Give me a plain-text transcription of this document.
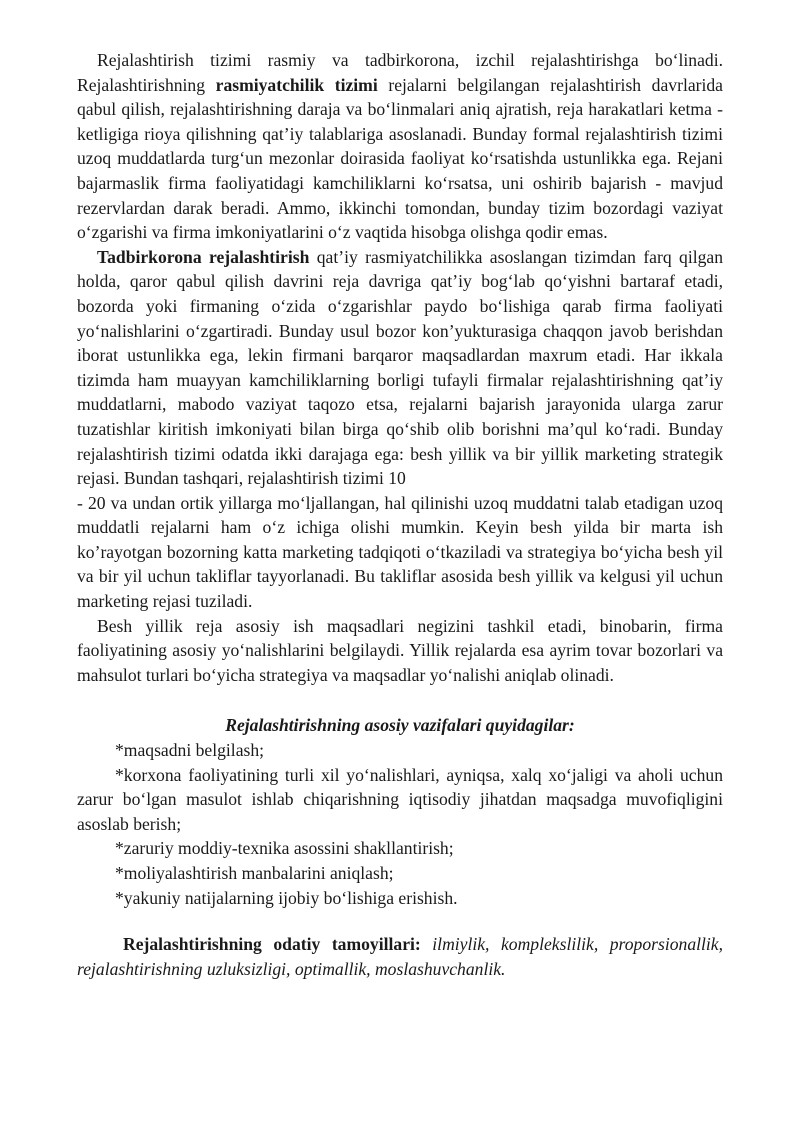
Rejalashtirish tizimi rasmiy va tadbirkorona, izchil rejalashtirishga bo‘linadi. Rejalashtirishning rasmiyatchilik tizimi rejalarni belgilangan rejalashtirish davrlarida qabul qilish, rejalashtirishning daraja va bo‘linmalari aniq ajratish, reja harakatlari ketma - ketligiga rioya qilishning qat’iy talablariga asoslanadi. Bunday formal rejalashtirish tizimi uzoq muddatlarda turg‘un mezonlar doirasida faoliyat ko‘rsatishda ustunlikka ega. Rejani bajarmaslik firma faoliyatidagi kamchiliklarni ko‘rsatsa, uni oshirib bajarish - mavjud rezervlardan darak beradi. Ammo, ikkinchi tomondan, bunday tizim bozordagi vaziyat o‘zgarishi va firma imkoniyatlarini o‘z vaqtida hisobga olishga qodir emas.

Tadbirkorona rejalashtirish qat’iy rasmiyatchilikka asoslangan tizimdan farq qilgan holda, qaror qabul qilish davrini reja davriga qat’iy bog‘lab qo‘yishni bartaraf etadi, bozorda yoki firmaning o‘zida o‘zgarishlar paydo bo‘lishiga qarab firma faoliyati yo‘nalishlarini o‘zgartiradi. Bunday usul bozor kon’yukturasiga chaqqon javob berishdan iborat ustunlikka ega, lekin firmani barqaror maqsadlardan maxrum etadi. Har ikkala tizimda ham muayyan kamchiliklarning borligi tufayli firmalar rejalashtirishning qat’iy muddatlarni, mabodo vaziyat taqozo etsa, rejalarni bajarish jarayonida ularga zarur tuzatishlar kiritish imkoniyati bilan birga qo‘shib olib borishni ma’qul ko‘radi. Bunday rejalashtirish tizimi odatda ikki darajaga ega: besh yillik va bir yillik marketing strategik rejasi. Bundan tashqari, rejalashtirish tizimi 10

- 20 va undan ortik yillarga mo‘ljallangan, hal qilinishi uzoq muddatni talab etadigan uzoq muddatli rejalarni ham o‘z ichiga olishi mumkin. Keyin besh yilda bir marta ish ko’rayotgan bozorning katta marketing tadqiqoti o‘tkaziladi va strategiya bo‘yicha besh yil va bir yil uchun takliflar tayyorlanadi. Bu takliflar asosida besh yillik va kelgusi yil uchun marketing rejasi tuziladi.

Besh yillik reja asosiy ish maqsadlari negizini tashkil etadi, binobarin, firma faoliyatining asosiy yo‘nalishlarini belgilaydi. Yillik rejalarda esa ayrim tovar bozorlari va mahsulot turlari bo‘yicha strategiya va maqsadlar yo‘nalishi aniqlab olinadi.

Rejalashtirishning asosiy vazifalari quyidagilar:

*maqsadni belgilash;

*korxona faoliyatining turli xil yo‘nalishlari, ayniqsa, xalq xo‘jaligi va aholi uchun zarur bo‘lgan masulot ishlab chiqarishning iqtisodiy jihatdan maqsadga muvofiqligini asoslab berish;

*zaruriy moddiy-texnika asossini shakllantirish;

*moliyalashtirish manbalarini aniqlash;

*yakuniy natijalarning ijobiy bo‘lishiga erishish.

Rejalashtirishning odatiy tamoyillari: ilmiylik, komplekslilik, proporsionallik, rejalashtirishning uzluksizligi, optimallik, moslashuvchanlik.
